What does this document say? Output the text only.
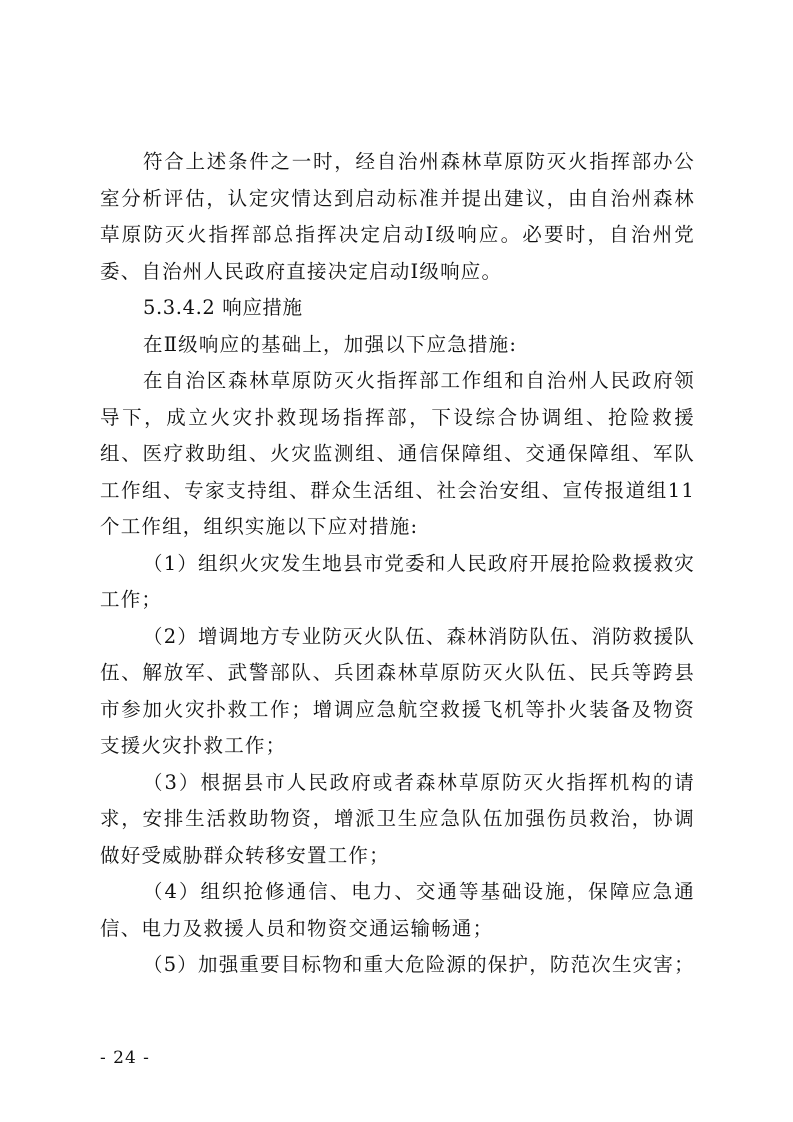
符合上述条件之一时，经自治州森林草原防灭火指挥部办公室分析评估，认定灾情达到启动标准并提出建议，由自治州森林草原防灭火指挥部总指挥决定启动Ⅰ级响应。必要时，自治州党委、自治州人民政府直接决定启动Ⅰ级响应。

5.3.4.2 响应措施

在Ⅱ级响应的基础上，加强以下应急措施:

在自治区森林草原防灭火指挥部工作组和自治州人民政府领导下，成立火灾扑救现场指挥部，下设综合协调组、抢险救援组、医疗救助组、火灾监测组、通信保障组、交通保障组、军队工作组、专家支持组、群众生活组、社会治安组、宣传报道组11个工作组，组织实施以下应对措施:

（1）组织火灾发生地县市党委和人民政府开展抢险救援救灾工作；

（2）增调地方专业防灭火队伍、森林消防队伍、消防救援队伍、解放军、武警部队、兵团森林草原防灭火队伍、民兵等跨县市参加火灾扑救工作；增调应急航空救援飞机等扑火装备及物资支援火灾扑救工作；

（3）根据县市人民政府或者森林草原防灭火指挥机构的请求，安排生活救助物资，增派卫生应急队伍加强伤员救治，协调做好受威胁群众转移安置工作；

（4）组织抢修通信、电力、交通等基础设施，保障应急通信、电力及救援人员和物资交通运输畅通；

（5）加强重要目标物和重大危险源的保护，防范次生灾害；

- 24 -
